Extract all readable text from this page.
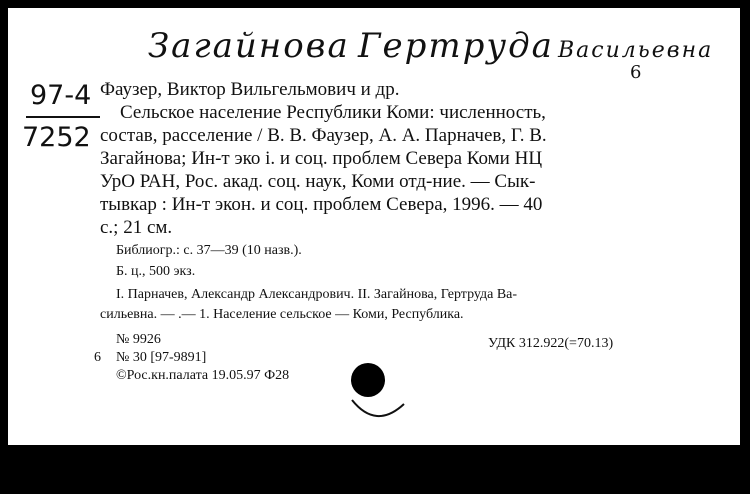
Загайнова Гертруда Васильевна
6
97-4
7252
Фаузер, Виктор Вильгельмович и др.
Сельское население Республики Коми: численность,
состав, расселение / В. В. Фаузер, А. А. Парначев, Г. В.
Загайнова; Ин-т эко і. и соц. проблем Севера Коми НЦ
УрО РАН, Рос. акад. соц. наук, Коми отд-ние. — Сык-
тывкар : Ин-т экон. и соц. проблем Севера, 1996. — 40
с.; 21 см.
Библиогр.: с. 37—39 (10 назв.).
Б. ц., 500 экз.
I. Парначев, Александр Александрович. II. Загайнова, Гертруда Ва-
сильевна. — .— 1. Население сельское — Коми, Республика.
№ 9926	УДК 312.922(=70.13)
6 № 30 [97-9891]
©Рос.кн.палата 19.05.97 Ф28
